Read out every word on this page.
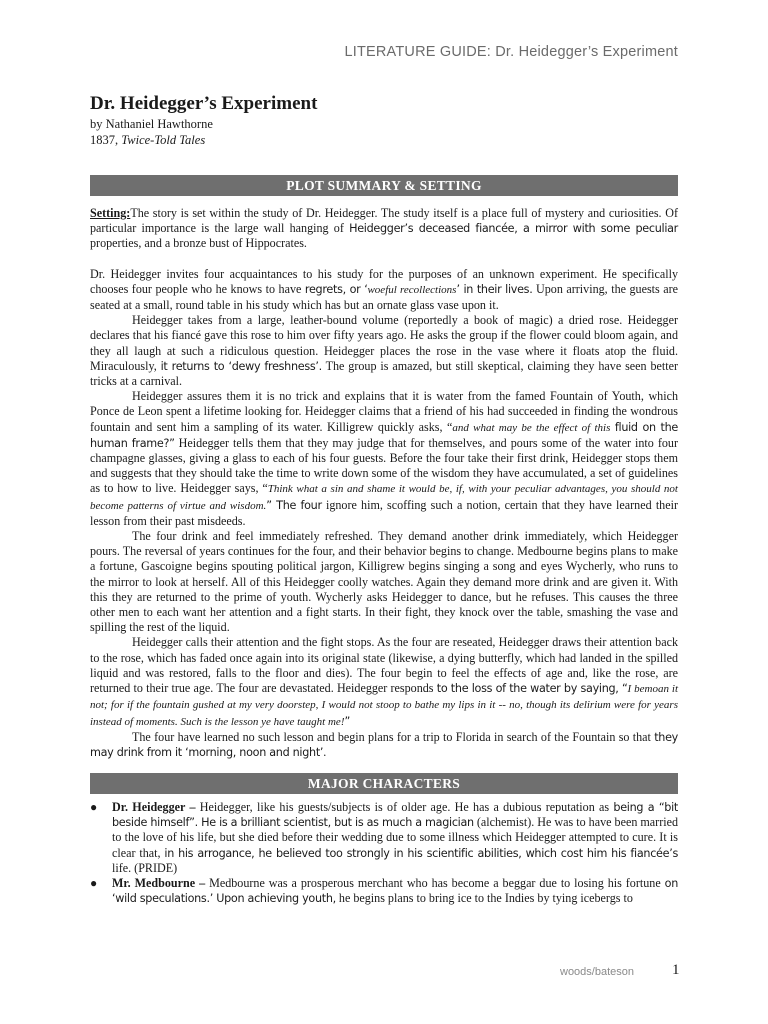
LITERATURE GUIDE: Dr. Heidegger’s Experiment
Dr. Heidegger’s Experiment

by Nathaniel Hawthorne

1837, Twice-Told Tales

PLOT SUMMARY & SETTING

Setting:The story is set within the study of Dr. Heidegger. The study itself is a place full of mystery and curiosities. Of particular importance is the large wall hanging of Heidegger’s deceased fiancée, a mirror with some peculiar properties, and a bronze bust of Hippocrates.

Dr. Heidegger invites four acquaintances to his study for the purposes of an unknown experiment. He specifically chooses four people who he knows to have regrets, or ‘woeful recollections’ in their lives. Upon arriving, the guests are seated at a small, round table in his study which has but an ornate glass vase upon it.

Heidegger takes from a large, leather-bound volume (reportedly a book of magic) a dried rose. Heidegger declares that his fiancé gave this rose to him over fifty years ago. He asks the group if the flower could bloom again, and they all laugh at such a ridiculous question. Heidegger places the rose in the vase where it floats atop the fluid. Miraculously, it returns to ‘dewy freshness’. The group is amazed, but still skeptical, claiming they have seen better tricks at a carnival.

Heidegger assures them it is no trick and explains that it is water from the famed Fountain of Youth, which Ponce de Leon spent a lifetime looking for. Heidegger claims that a friend of his had succeeded in finding the wondrous fountain and sent him a sampling of its water. Killigrew quickly asks, “and what may be the effect of this fluid on the human frame?” Heidegger tells them that they may judge that for themselves, and pours some of the water into four champagne glasses, giving a glass to each of his four guests. Before the four take their first drink, Heidegger stops them and suggests that they should take the time to write down some of the wisdom they have accumulated, a set of guidelines as to how to live. Heidegger says, “Think what a sin and shame it would be, if, with your peculiar advantages, you should not become patterns of virtue and wisdom.” The four ignore him, scoffing such a notion, certain that they have learned their lesson from their past misdeeds.

The four drink and feel immediately refreshed. They demand another drink immediately, which Heidegger pours. The reversal of years continues for the four, and their behavior begins to change. Medbourne begins plans to make a fortune, Gascoigne begins spouting political jargon, Killigrew begins singing a song and eyes Wycherly, who runs to the mirror to look at herself. All of this Heidegger coolly watches. Again they demand more drink and are given it. With this they are returned to the prime of youth. Wycherly asks Heidegger to dance, but he refuses. This causes the three other men to each want her attention and a fight starts. In their fight, they knock over the table, smashing the vase and spilling the rest of the liquid.

Heidegger calls their attention and the fight stops. As the four are reseated, Heidegger draws their attention back to the rose, which has faded once again into its original state (likewise, a dying butterfly, which had landed in the spilled liquid and was restored, falls to the floor and dies). The four begin to feel the effects of age and, like the rose, are returned to their true age. The four are devastated. Heidegger responds to the loss of the water by saying, “I bemoan it not; for if the fountain gushed at my very doorstep, I would not stoop to bathe my lips in it -- no, though its delirium were for years instead of moments. Such is the lesson ye have taught me!”

The four have learned no such lesson and begin plans for a trip to Florida in search of the Fountain so that they may drink from it ‘morning, noon and night’.

MAJOR CHARACTERS
● Dr. Heidegger – Heidegger, like his guests/subjects is of older age. He has a dubious reputation as being a “bit beside himself”. He is a brilliant scientist, but is as much a magician (alchemist). He was to have been married to the love of his life, but she died before their wedding due to some illness which Heidegger attempted to cure. It is clear that, in his arrogance, he believed too strongly in his scientific abilities, which cost him his fiancée’s life. (PRIDE)
● Mr. Medbourne – Medbourne was a prosperous merchant who has become a beggar due to losing his fortune on ‘wild speculations.’ Upon achieving youth, he begins plans to bring ice to the Indies by tying icebergs to
woods/bateson	1
